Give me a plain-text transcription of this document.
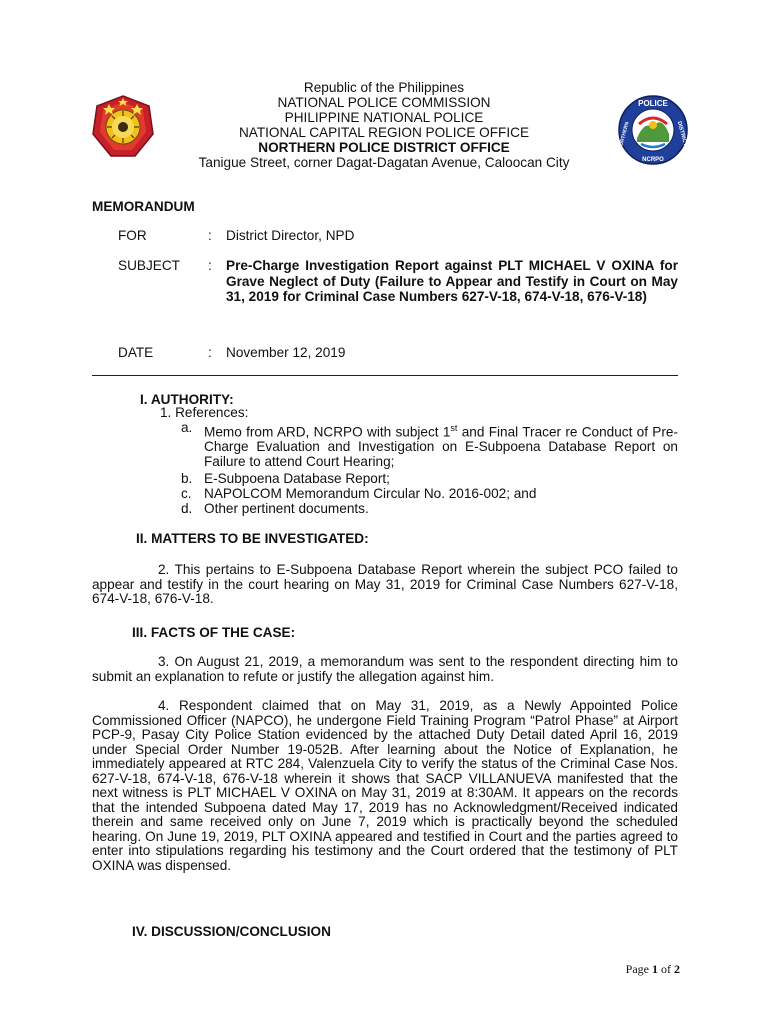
Republic of the Philippines
NATIONAL POLICE COMMISSION
PHILIPPINE NATIONAL POLICE
NATIONAL CAPITAL REGION POLICE OFFICE
NORTHERN POLICE DISTRICT OFFICE
Tanigue Street, corner Dagat-Dagatan Avenue, Caloocan City
POLICE
NORTHERN	DISTRICT
NCRPO
MEMORANDUM
FOR	: District Director, NPD
SUBJECT	: Pre-Charge Investigation Report against PLT MICHAEL V OXINA for Grave Neglect of Duty (Failure to Appear and Testify in Court on May 31, 2019 for Criminal Case Numbers 627-V-18, 674-V-18, 676-V-18)
DATE	: November 12, 2019
I. AUTHORITY:
1. References:
a. Memo from ARD, NCRPO with subject 1st and Final Tracer re Conduct of Pre-Charge Evaluation and Investigation on E-Subpoena Database Report on Failure to attend Court Hearing;
b. E-Subpoena Database Report;
c. NAPOLCOM Memorandum Circular No. 2016-002; and
d. Other pertinent documents.
II. MATTERS TO BE INVESTIGATED:
2. This pertains to E-Subpoena Database Report wherein the subject PCO failed to appear and testify in the court hearing on May 31, 2019 for Criminal Case Numbers 627-V-18, 674-V-18, 676-V-18.
III. FACTS OF THE CASE:
3. On August 21, 2019, a memorandum was sent to the respondent directing him to submit an explanation to refute or justify the allegation against him.
4. Respondent claimed that on May 31, 2019, as a Newly Appointed Police Commissioned Officer (NAPCO), he undergone Field Training Program “Patrol Phase” at Airport PCP-9, Pasay City Police Station evidenced by the attached Duty Detail dated April 16, 2019 under Special Order Number 19-052B. After learning about the Notice of Explanation, he immediately appeared at RTC 284, Valenzuela City to verify the status of the Criminal Case Nos. 627-V-18, 674-V-18, 676-V-18 wherein it shows that SACP VILLANUEVA manifested that the next witness is PLT MICHAEL V OXINA on May 31, 2019 at 8:30AM. It appears on the records that the intended Subpoena dated May 17, 2019 has no Acknowledgment/Received indicated therein and same received only on June 7, 2019 which is practically beyond the scheduled hearing. On June 19, 2019, PLT OXINA appeared and testified in Court and the parties agreed to enter into stipulations regarding his testimony and the Court ordered that the testimony of PLT OXINA was dispensed.
IV. DISCUSSION/CONCLUSION
Page 1 of 2
